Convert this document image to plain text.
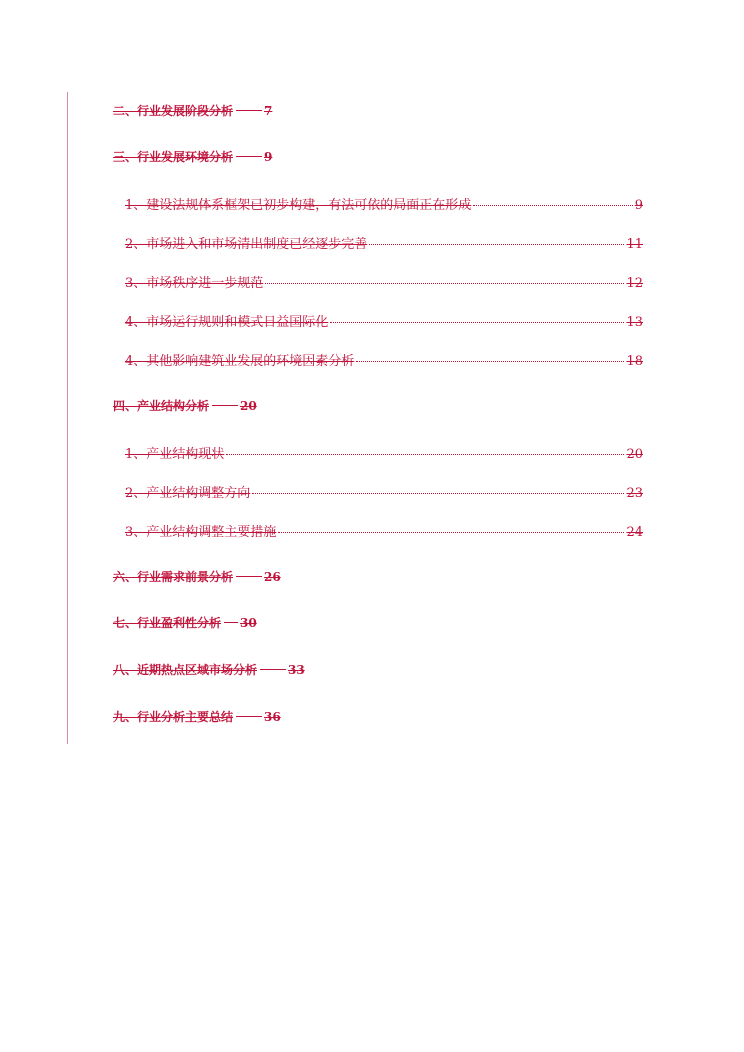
二、行业发展阶段分析	7
三、行业发展环境分析	9
1、建设法规体系框架已初步构建，有法可依的局面正在形成	9
2、市场进入和市场清出制度已经逐步完善	11
3、市场秩序进一步规范	12
4、市场运行规则和模式日益国际化	13
4、其他影响建筑业发展的环境因素分析	18
四、产业结构分析	20
1、产业结构现状	20
2、产业结构调整方向	23
3、产业结构调整主要措施	24
六、行业需求前景分析	26
七、行业盈利性分析 30
八、近期热点区域市场分析	33
九、行业分析主要总结	36
